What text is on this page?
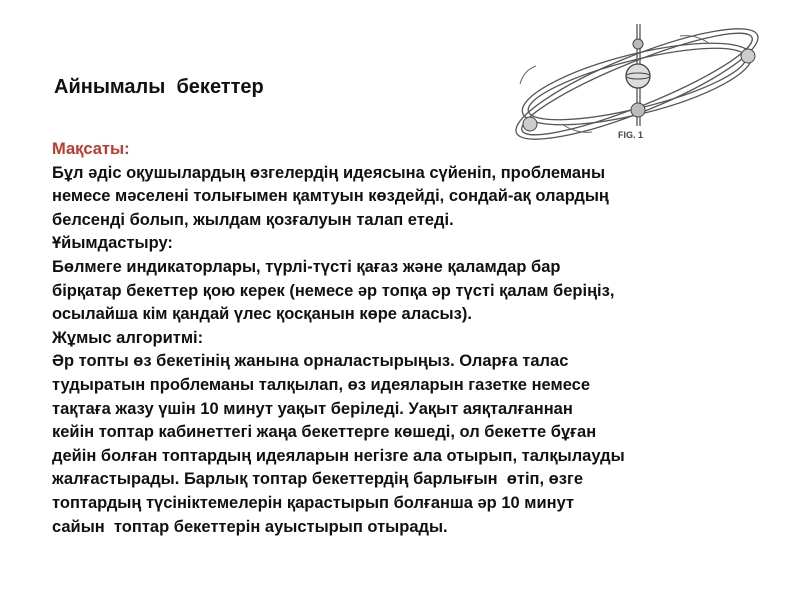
Айнымалы  бекеттер
FIG. 1
Мақсаты:
Бұл әдіс оқушылардың өзгелердің идеясына сүйеніп, проблеманы
немесе мәселені толығымен қамтуын көздейді, сондай-ақ олардың
белсенді болып, жылдам қозғалуын талап етеді.
Ұйымдастыру:
Бөлмеге индикаторлары, түрлі-түсті қағаз және қаламдар бар
бірқатар бекеттер қою керек (немесе әр топқа әр түсті қалам беріңіз,
осылайша кім қандай үлес қосқанын көре аласыз).
Жұмыс алгоритмі:
Әр топты өз бекетінің жанына орналастырыңыз. Оларға талас
тудыратын проблеманы талқылап, өз идеяларын газетке немесе
тақтаға жазу үшін 10 минут уақыт беріледі. Уақыт аяқталғаннан
кейін топтар кабинеттегі жаңа бекеттерге көшеді, ол бекетте бұған
дейін болған топтардың идеяларын негізге ала отырып, талқылауды
жалғастырады. Барлық топтар бекеттердің барлығын  өтіп, өзге
топтардың түсініктемелерін қарастырып болғанша әр 10 минут
сайын  топтар бекеттерін ауыстырып отырады.
